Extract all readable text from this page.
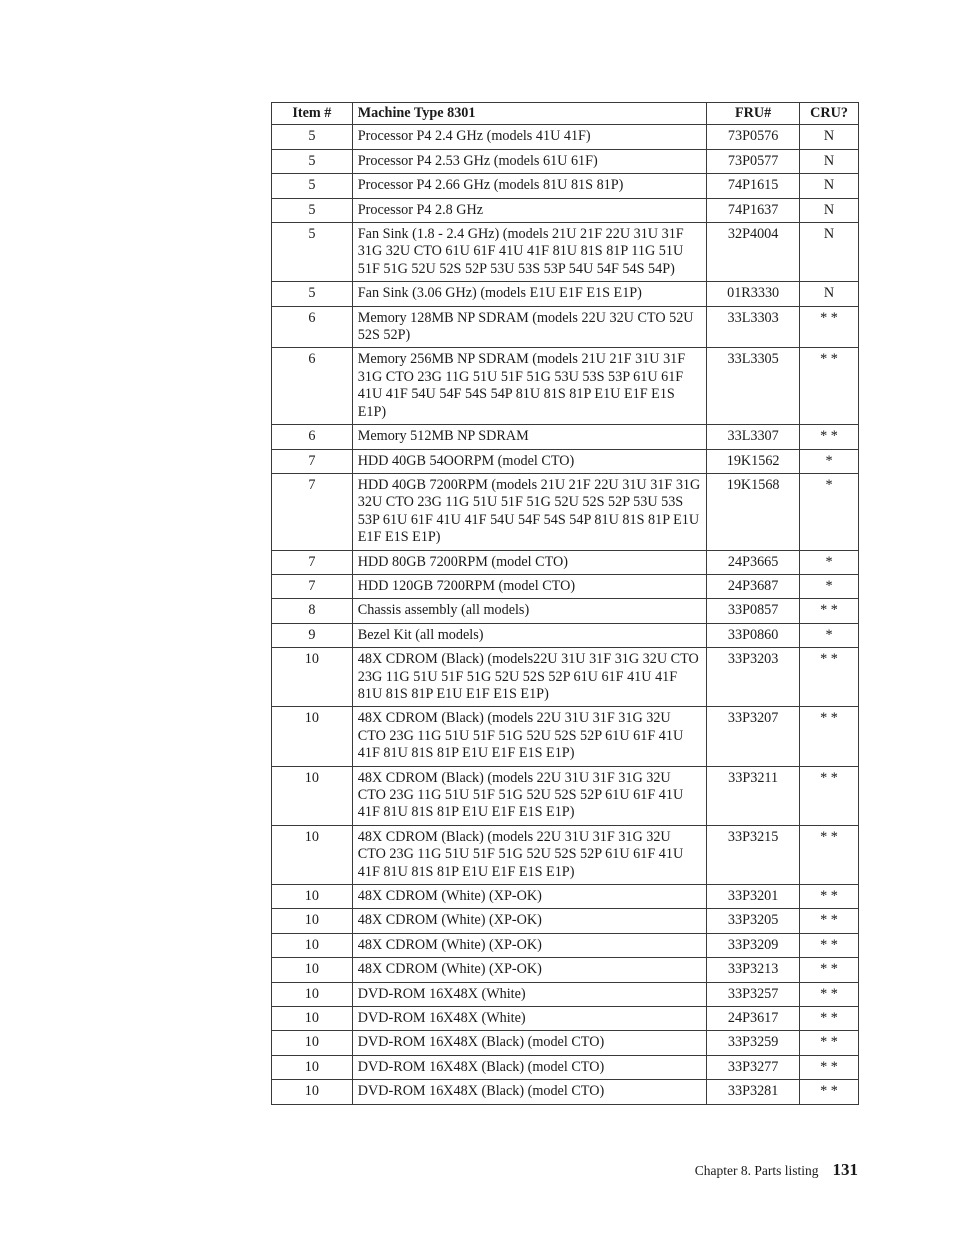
Item #	Machine Type 8301	FRU#	CRU?
5	Processor P4 2.4 GHz (models 41U 41F)	73P0576	N
5	Processor P4 2.53 GHz (models 61U 61F)	73P0577	N
5	Processor P4 2.66 GHz (models 81U 81S 81P)	74P1615	N
5	Processor P4 2.8 GHz	74P1637	N
5	Fan Sink (1.8 - 2.4 GHz) (models 21U 21F 22U 31U 31F 31G 32U CTO 61U 61F 41U 41F 81U 81S 81P 11G 51U 51F 51G 52U 52S 52P 53U 53S 53P 54U 54F 54S 54P)	32P4004	N
5	Fan Sink (3.06 GHz) (models E1U E1F E1S E1P)	01R3330	N
6	Memory 128MB NP SDRAM (models 22U 32U CTO 52U 52S 52P)	33L3303	* *
6	Memory 256MB NP SDRAM (models 21U 21F 31U 31F 31G CTO 23G 11G 51U 51F 51G 53U 53S 53P 61U 61F 41U 41F 54U 54F 54S 54P 81U 81S 81P E1U E1F E1S E1P)	33L3305	* *
6	Memory 512MB NP SDRAM	33L3307	* *
7	HDD 40GB 54OORPM (model CTO)	19K1562	*
7	HDD 40GB 7200RPM (models 21U 21F 22U 31U 31F 31G 32U CTO 23G 11G 51U 51F 51G 52U 52S 52P 53U 53S 53P 61U 61F 41U 41F 54U 54F 54S 54P 81U 81S 81P E1U E1F E1S E1P)	19K1568	*
7	HDD 80GB 7200RPM (model CTO)	24P3665	*
7	HDD 120GB 7200RPM (model CTO)	24P3687	*
8	Chassis assembly (all models)	33P0857	* *
9	Bezel Kit (all models)	33P0860	*
10	48X CDROM (Black) (models22U 31U 31F 31G 32U CTO 23G 11G 51U 51F 51G 52U 52S 52P 61U 61F 41U 41F 81U 81S 81P E1U E1F E1S E1P)	33P3203	* *
10	48X CDROM (Black) (models 22U 31U 31F 31G 32U CTO 23G 11G 51U 51F 51G 52U 52S 52P 61U 61F 41U 41F 81U 81S 81P E1U E1F E1S E1P)	33P3207	* *
10	48X CDROM (Black) (models 22U 31U 31F 31G 32U CTO 23G 11G 51U 51F 51G 52U 52S 52P 61U 61F 41U 41F 81U 81S 81P E1U E1F E1S E1P)	33P3211	* *
10	48X CDROM (Black) (models 22U 31U 31F 31G 32U CTO 23G 11G 51U 51F 51G 52U 52S 52P 61U 61F 41U 41F 81U 81S 81P E1U E1F E1S E1P)	33P3215	* *
10	48X CDROM (White) (XP-OK)	33P3201	* *
10	48X CDROM (White) (XP-OK)	33P3205	* *
10	48X CDROM (White) (XP-OK)	33P3209	* *
10	48X CDROM (White) (XP-OK)	33P3213	* *
10	DVD-ROM 16X48X (White)	33P3257	* *
10	DVD-ROM 16X48X (White)	24P3617	* *
10	DVD-ROM 16X48X (Black) (model CTO)	33P3259	* *
10	DVD-ROM 16X48X (Black) (model CTO)	33P3277	* *
10	DVD-ROM 16X48X (Black) (model CTO)	33P3281	* *
Chapter 8. Parts listing 131
